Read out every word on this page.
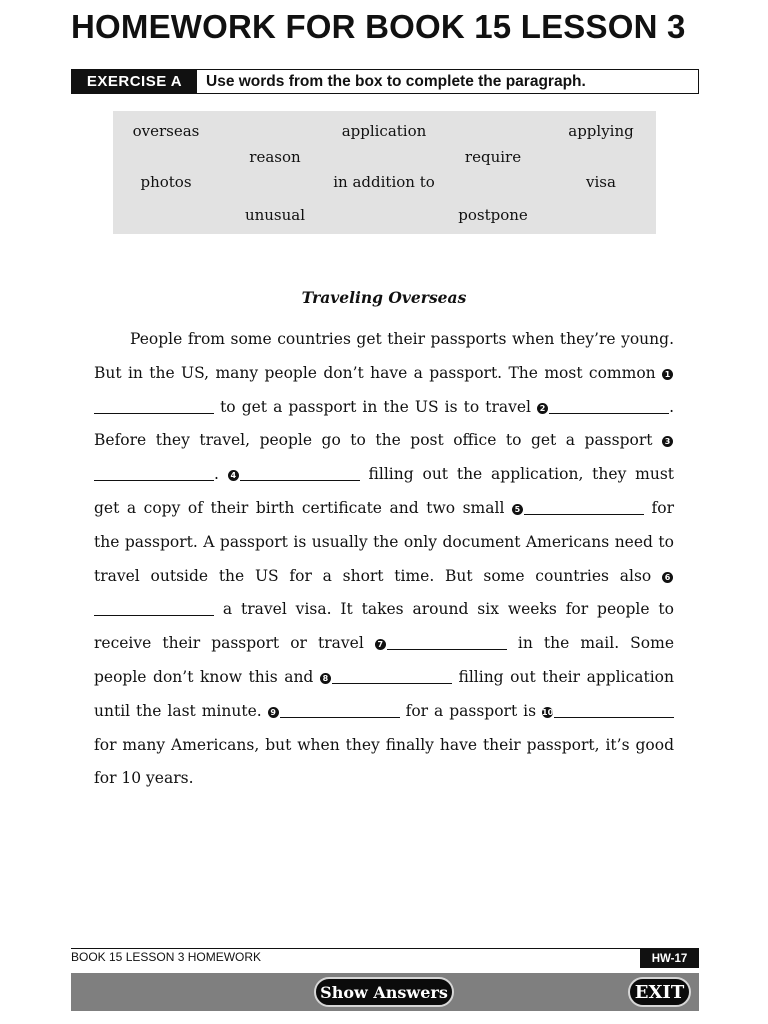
HOMEWORK FOR BOOK 15 LESSON 3
EXERCISE A	Use words from the box to complete the paragraph.
overseas	application	applying
reason	require
photos	in addition to	visa
unusual	postpone
Traveling Overseas
People from some countries get their passports when they’re young. But in the US, many people don’t have a passport. The most common 1 to get a passport in the US is to travel 2	. Before they travel, people go to the post office to get a passport 3. 4	filling out the application, they must get a copy of their birth certificate and two small 5	for the passport. A passport is usually the only document Americans need to travel outside the US for a short time. But some countries also 6 a travel visa. It takes around six weeks for people to receive their passport or travel 7	in the mail. Some people don’t know this and 8	filling out their application until the last minute. 9	for a passport is 10 for many Americans, but when they finally have their passport, it’s good for 10 years.
BOOK 15 LESSON 3 HOMEWORK	HW-17
Show Answers	EXIT
